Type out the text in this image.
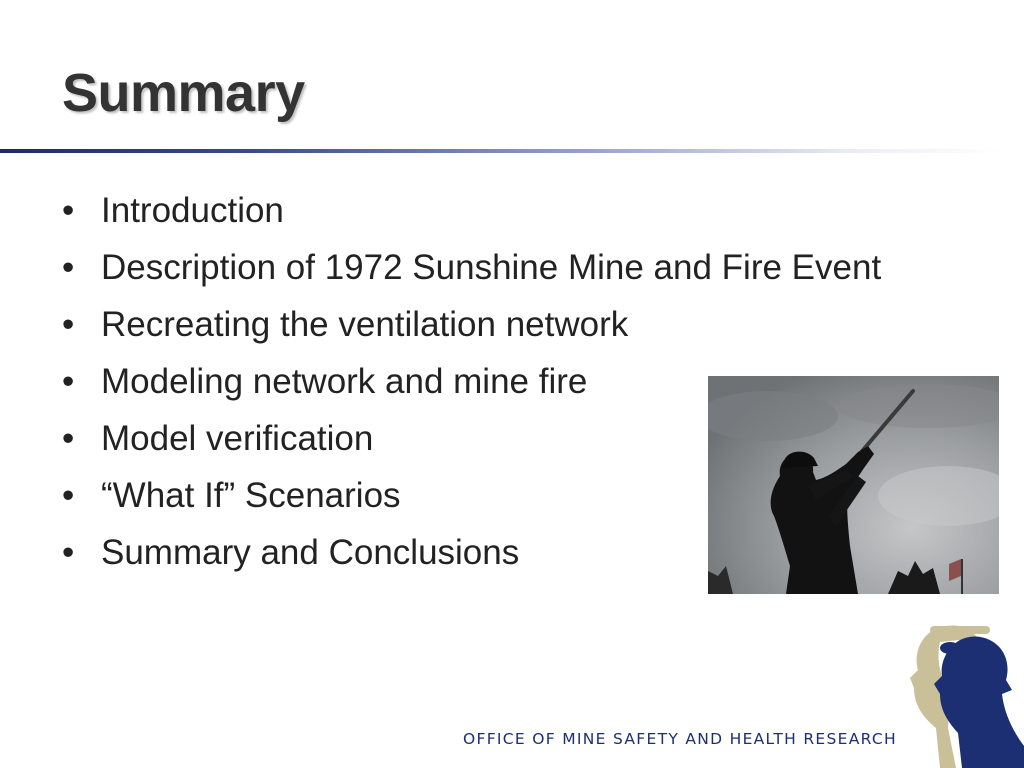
Summary
• Introduction
• Description of 1972 Sunshine Mine and Fire Event
• Recreating the ventilation network
• Modeling network and mine fire
• Model verification
• “What If” Scenarios
• Summary and Conclusions
OFFICE OF MINE SAFETY AND HEALTH RESEARCH
